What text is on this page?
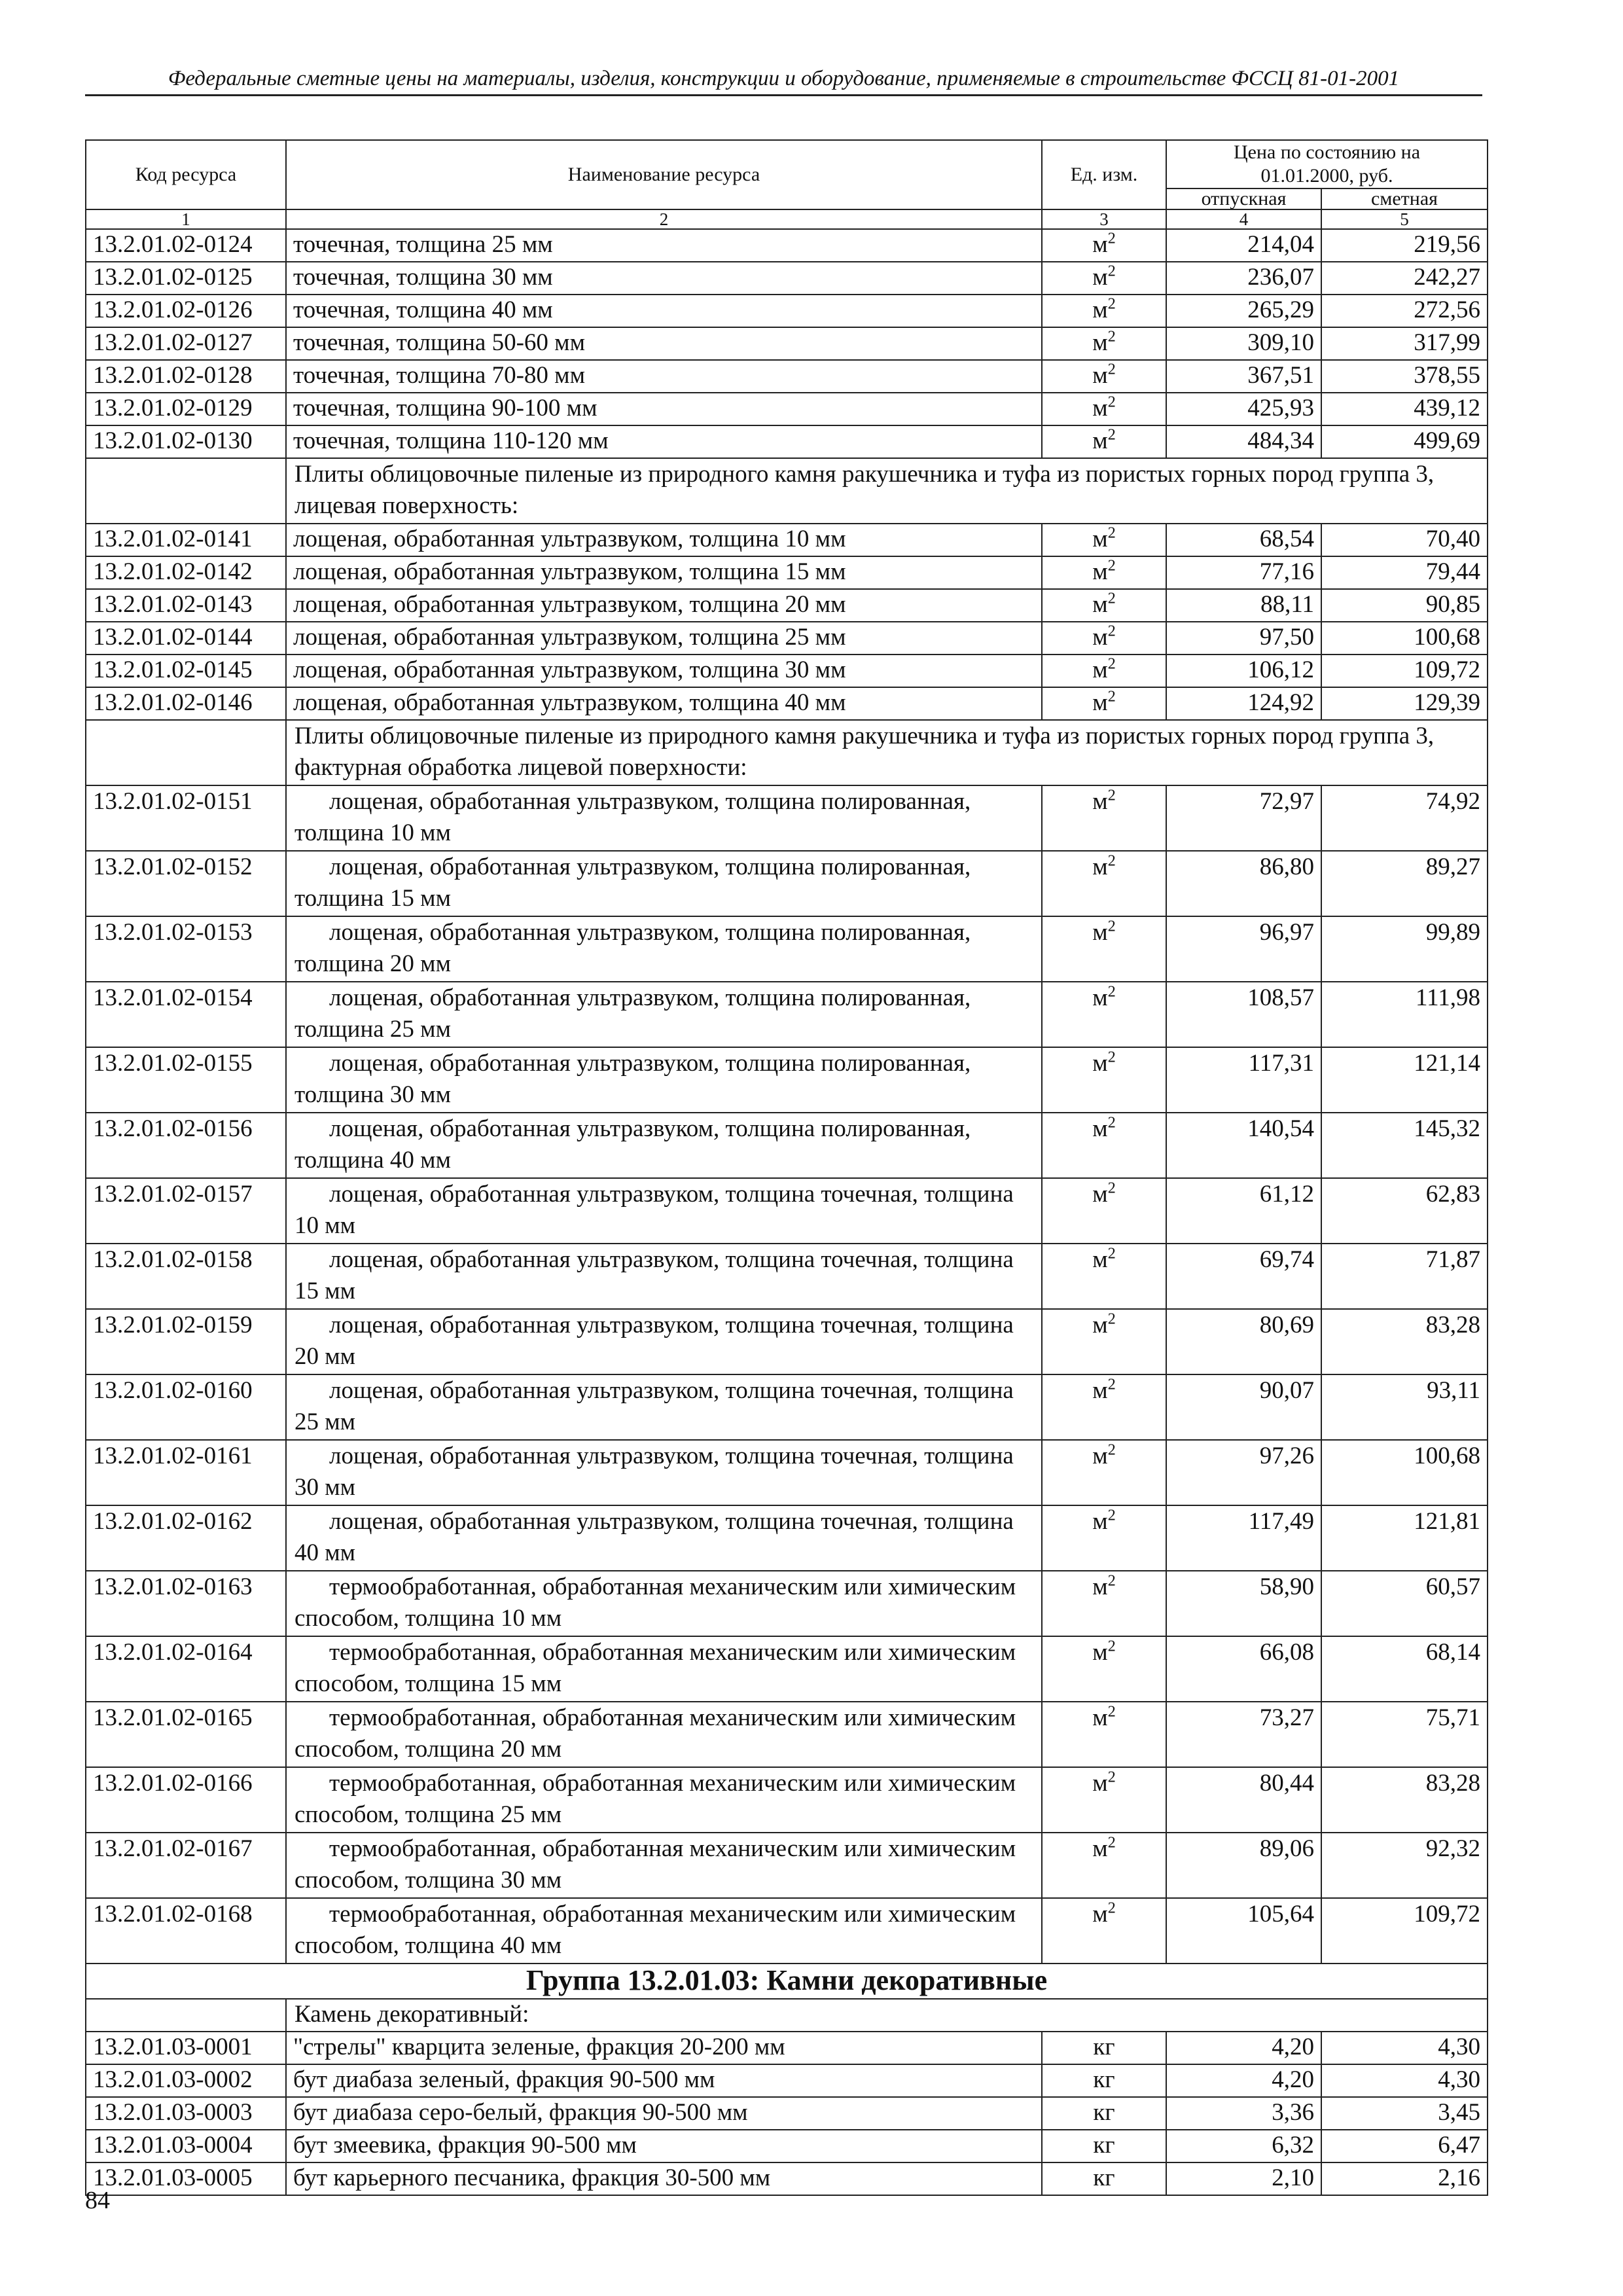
Федеральные сметные цены на материалы, изделия, конструкции и оборудование, применяемые в строительстве ФССЦ 81-01-2001
Код ресурса	Наименование ресурса	Ед. изм.	Цена по состоянию на 01.01.2000, руб.	
			отпускная	сметная
1	2	3	4	5
13.2.01.02-0124	точечная, толщина 25 мм	$м^2$	214,04	219,56
13.2.01.02-0125	точечная, толщина 30 мм	$м^2$	236,07	242,27
13.2.01.02-0126	точечная, толщина 40 мм	$м^2$	265,29	272,56
13.2.01.02-0127	точечная, толщина 50-60 мм	$м^2$	309,10	317,99
13.2.01.02-0128	точечная, толщина 70-80 мм	$м^2$	367,51	378,55
13.2.01.02-0129	точечная, толщина 90-100 мм	$м^2$	425,93	439,12
13.2.01.02-0130	точечная, толщина 110-120 мм	$м^2$	484,34	499,69
	Плиты облицовочные пиленые из природного камня ракушечника и туфа из пористых горных пород группа 3, лицевая поверхность:			
13.2.01.02-0141	лощеная, обработанная ультразвуком, толщина 10 мм	$м^2$	68,54	70,40
13.2.01.02-0142	лощеная, обработанная ультразвуком, толщина 15 мм	$м^2$	77,16	79,44
13.2.01.02-0143	лощеная, обработанная ультразвуком, толщина 20 мм	$м^2$	88,11	90,85
13.2.01.02-0144	лощеная, обработанная ультразвуком, толщина 25 мм	$м^2$	97,50	100,68
13.2.01.02-0145	лощеная, обработанная ультразвуком, толщина 30 мм	$м^2$	106,12	109,72
13.2.01.02-0146	лощеная, обработанная ультразвуком, толщина 40 мм	$м^2$	124,92	129,39
	Плиты облицовочные пиленые из природного камня ракушечника и туфа из пористых горных пород группа 3, фактурная обработка лицевой поверхности:			
13.2.01.02-0151	лощеная, обработанная ультразвуком, толщина полированная, толщина 10 мм	$м^2$	72,97	74,92
13.2.01.02-0152	лощеная, обработанная ультразвуком, толщина полированная, толщина 15 мм	$м^2$	86,80	89,27
13.2.01.02-0153	лощеная, обработанная ультразвуком, толщина полированная, толщина 20 мм	$м^2$	96,97	99,89
13.2.01.02-0154	лощеная, обработанная ультразвуком, толщина полированная, толщина 25 мм	$м^2$	108,57	111,98
13.2.01.02-0155	лощеная, обработанная ультразвуком, толщина полированная, толщина 30 мм	$м^2$	117,31	121,14
13.2.01.02-0156	лощеная, обработанная ультразвуком, толщина полированная, толщина 40 мм	$м^2$	140,54	145,32
13.2.01.02-0157	лощеная, обработанная ультразвуком, толщина точечная, толщина 10 мм	$м^2$	61,12	62,83
13.2.01.02-0158	лощеная, обработанная ультразвуком, толщина точечная, толщина 15 мм	$м^2$	69,74	71,87
13.2.01.02-0159	лощеная, обработанная ультразвуком, толщина точечная, толщина 20 мм	$м^2$	80,69	83,28
13.2.01.02-0160	лощеная, обработанная ультразвуком, толщина точечная, толщина 25 мм	$м^2$	90,07	93,11
13.2.01.02-0161	лощеная, обработанная ультразвуком, толщина точечная, толщина 30 мм	$м^2$	97,26	100,68
13.2.01.02-0162	лощеная, обработанная ультразвуком, толщина точечная, толщина 40 мм	$м^2$	117,49	121,81
13.2.01.02-0163	термообработанная, обработанная механическим или химическим способом, толщина 10 мм	$м^2$	58,90	60,57
13.2.01.02-0164	термообработанная, обработанная механическим или химическим способом, толщина 15 мм	$м^2$	66,08	68,14
13.2.01.02-0165	термообработанная, обработанная механическим или химическим способом, толщина 20 мм	$м^2$	73,27	75,71
13.2.01.02-0166	термообработанная, обработанная механическим или химическим способом, толщина 25 мм	$м^2$	80,44	83,28
13.2.01.02-0167	термообработанная, обработанная механическим или химическим способом, толщина 30 мм	$м^2$	89,06	92,32
13.2.01.02-0168	термообработанная, обработанная механическим или химическим способом, толщина 40 мм	$м^2$	105,64	109,72
Группа 13.2.01.03: Камни декоративные				
	Камень декоративный:			
13.2.01.03-0001	"стрелы" кварцита зеленые, фракция 20-200 мм	кг	4,20	4,30
13.2.01.03-0002	бут диабаза зеленый, фракция 90-500 мм	кг	4,20	4,30
13.2.01.03-0003	бут диабаза серо-белый, фракция 90-500 мм	кг	3,36	3,45
13.2.01.03-0004	бут змеевика, фракция 90-500 мм	кг	6,32	6,47
13.2.01.03-0005	бут карьерного песчаника, фракция 30-500 мм	кг	2,10	2,16
84
